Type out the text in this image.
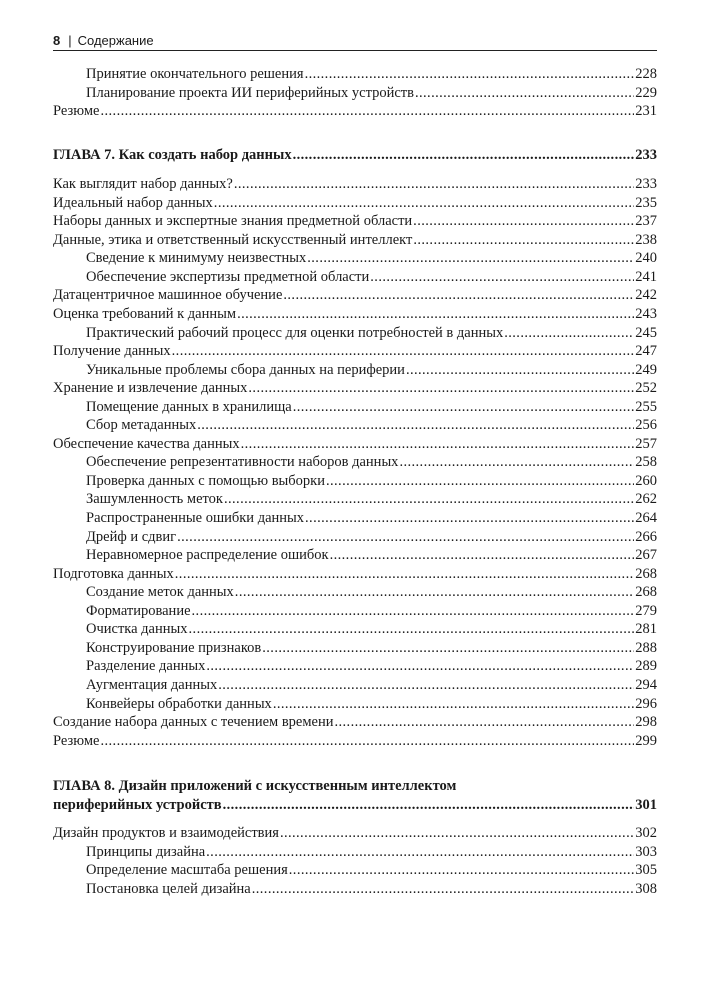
8 | Содержание
Принятие окончательного решения .....	228
Планирование проекта ИИ периферийных устройств .....	229
Резюме .....	231
ГЛАВА 7. Как создать набор данных .....	233
Как выглядит набор данных? .....	233
Идеальный набор данных .....	235
Наборы данных и экспертные знания предметной области .....	237
Данные, этика и ответственный искусственный интеллект .....	238
Сведение к минимуму неизвестных .....	240
Обеспечение экспертизы предметной области .....	241
Датацентричное машинное обучение .....	242
Оценка требований к данным .....	243
Практический рабочий процесс для оценки потребностей в данных .....	245
Получение данных .....	247
Уникальные проблемы сбора данных на периферии .....	249
Хранение и извлечение данных .....	252
Помещение данных в хранилища .....	255
Сбор метаданных .....	256
Обеспечение качества данных .....	257
Обеспечение репрезентативности наборов данных .....	258
Проверка данных с помощью выборки .....	260
Зашумленность меток .....	262
Распространенные ошибки данных .....	264
Дрейф и сдвиг .....	266
Неравномерное распределение ошибок .....	267
Подготовка данных .....	268
Создание меток данных .....	268
Форматирование .....	279
Очистка данных .....	281
Конструирование признаков .....	288
Разделение данных .....	289
Аугментация данных .....	294
Конвейеры обработки данных .....	296
Создание набора данных с течением времени .....	298
Резюме .....	299
ГЛАВА 8. Дизайн приложений с искусственным интеллектом
периферийных устройств .....	301
Дизайн продуктов и взаимодействия .....	302
Принципы дизайна .....	303
Определение масштаба решения .....	305
Постановка целей дизайна .....	308
